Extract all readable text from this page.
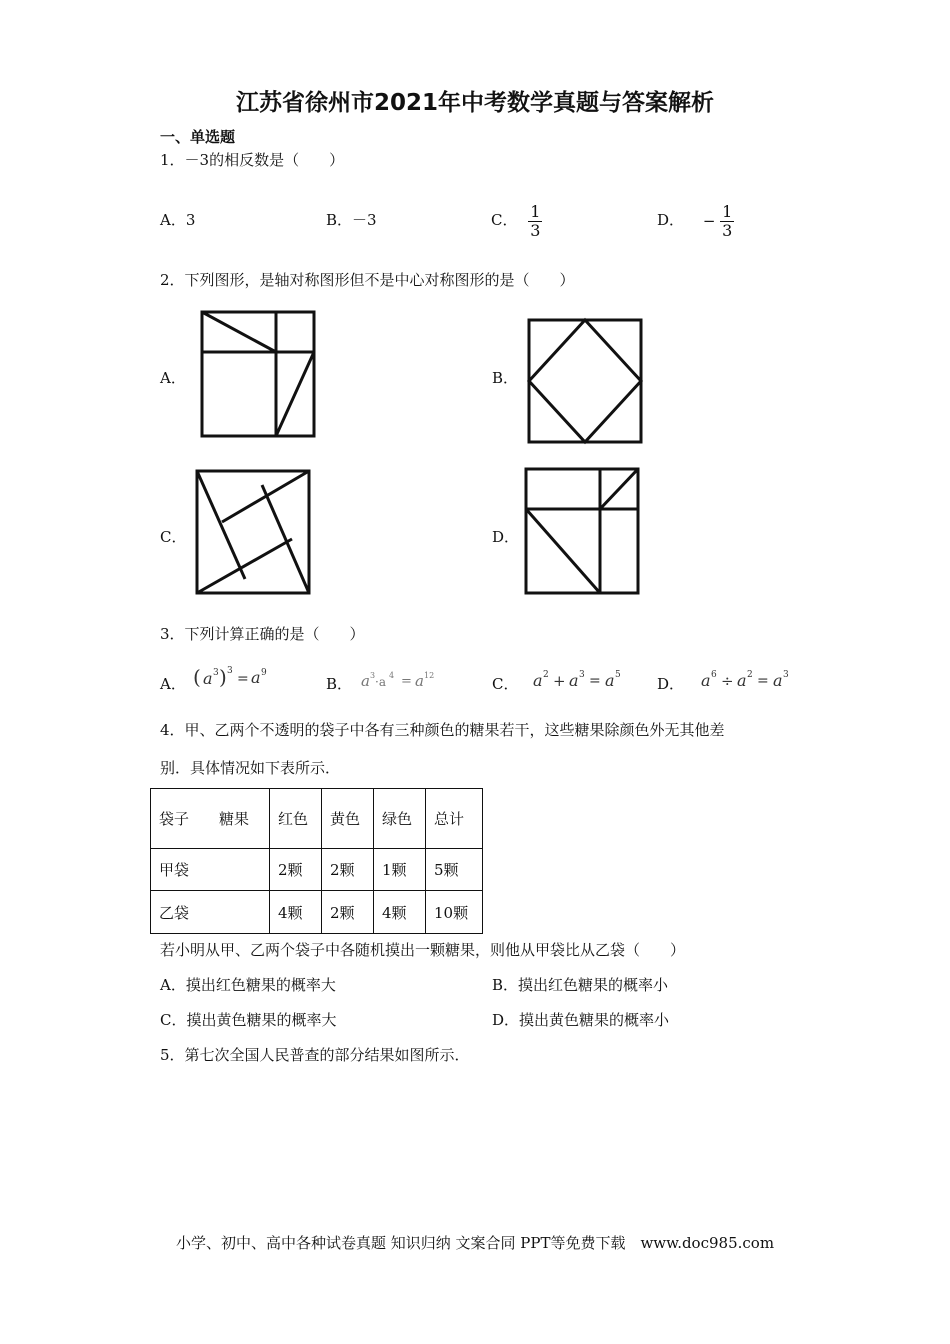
江苏省徐州市2021年中考数学真题与答案解析
一、单选题
1．－3的相反数是（　　）
A．3	B．－3	C． $\frac{1}{3}$	D． − $\frac{1}{3}$
2．下列图形，是轴对称图形但不是中心对称图形的是（　　）
A．	B．
C．	D．
3．下列计算正确的是（　　）
A． ( a 3 ) 3 = a 9
B． a 3 ·a 4 = a 12	C． a 2 + a 3 = a 5 D． a 6 ÷ a 2 = a 3
4．甲、乙两个不透明的袋子中各有三种颜色的糖果若干，这些糖果除颜色外无其他差
别．具体情况如下表所示．
袋子　　糖果	红色	黄色	绿色	总计
甲袋	2颗	2颗	1颗	5颗
乙袋	4颗	2颗	4颗	10颗
若小明从甲、乙两个袋子中各随机摸出一颗糖果，则他从甲袋比从乙袋（　　）
A．摸出红色糖果的概率大	B．摸出红色糖果的概率小
C．摸出黄色糖果的概率大	D．摸出黄色糖果的概率小
5．第七次全国人民普查的部分结果如图所示．
小学、初中、高中各种试卷真题 知识归纳 文案合同 PPT等免费下载　www.doc985.com
